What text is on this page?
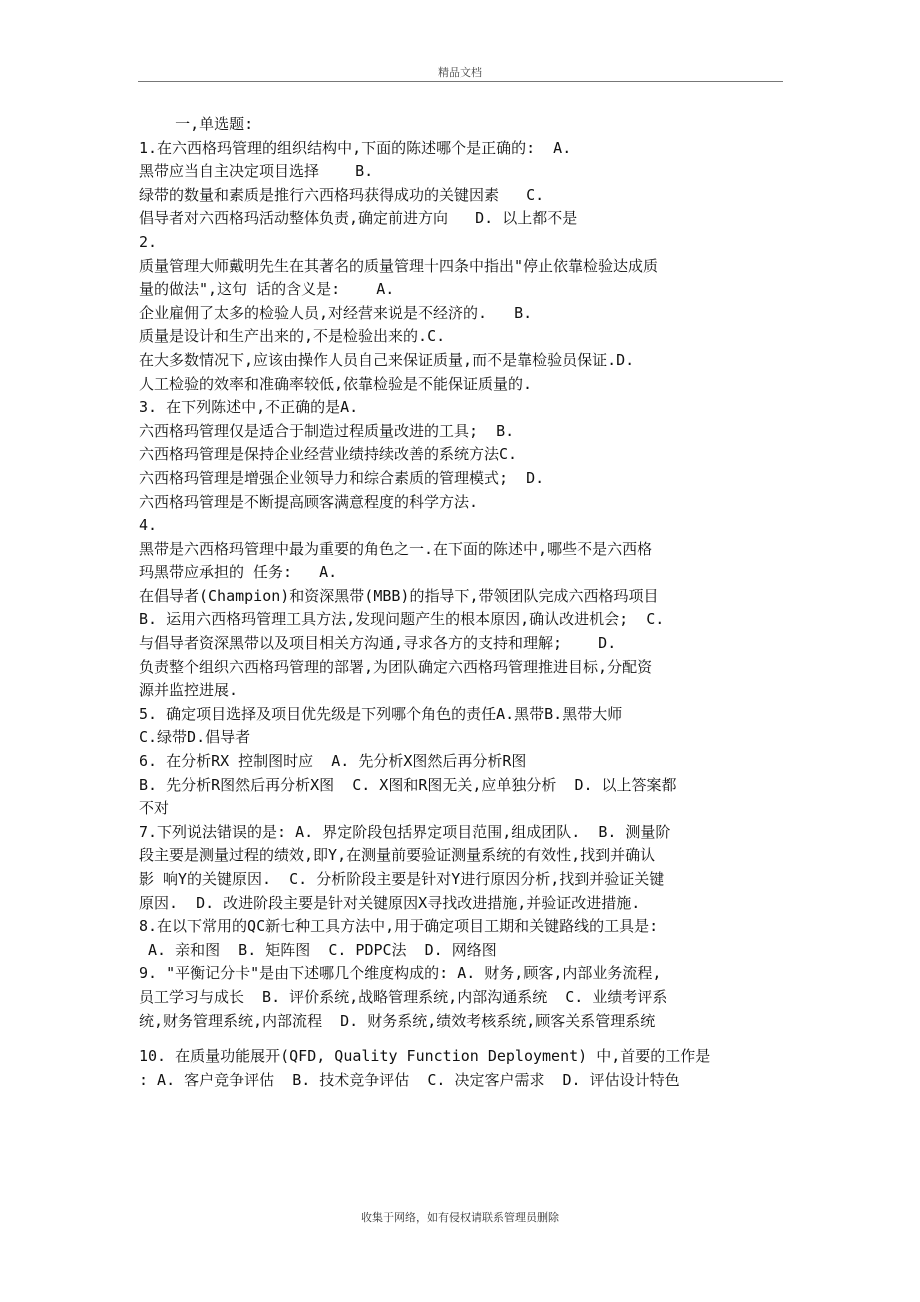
精品文档
一,单选题:
1.在六西格玛管理的组织结构中,下面的陈述哪个是正确的:  A.
黑带应当自主决定项目选择    B.
绿带的数量和素质是推行六西格玛获得成功的关键因素   C.
倡导者对六西格玛活动整体负责,确定前进方向   D. 以上都不是
2.
质量管理大师戴明先生在其著名的质量管理十四条中指出"停止依靠检验达成质
量的做法",这句 话的含义是:    A.
企业雇佣了太多的检验人员,对经营来说是不经济的.   B.
质量是设计和生产出来的,不是检验出来的.C.
在大多数情况下,应该由操作人员自己来保证质量,而不是靠检验员保证.D.
人工检验的效率和准确率较低,依靠检验是不能保证质量的.
3. 在下列陈述中,不正确的是A.
六西格玛管理仅是适合于制造过程质量改进的工具;  B.
六西格玛管理是保持企业经营业绩持续改善的系统方法C.
六西格玛管理是增强企业领导力和综合素质的管理模式;  D.
六西格玛管理是不断提高顾客满意程度的科学方法.
4.
黑带是六西格玛管理中最为重要的角色之一.在下面的陈述中,哪些不是六西格
玛黑带应承担的 任务:   A.
在倡导者(Champion)和资深黑带(MBB)的指导下,带领团队完成六西格玛项目
B. 运用六西格玛管理工具方法,发现问题产生的根本原因,确认改进机会;  C.
与倡导者资深黑带以及项目相关方沟通,寻求各方的支持和理解;    D.
负责整个组织六西格玛管理的部署,为团队确定六西格玛管理推进目标,分配资
源并监控进展.
5. 确定项目选择及项目优先级是下列哪个角色的责任A.黑带B.黑带大师
C.绿带D.倡导者
6. 在分析RX 控制图时应  A. 先分析X图然后再分析R图
B. 先分析R图然后再分析X图  C. X图和R图无关,应单独分析  D. 以上答案都
不对
7.下列说法错误的是: A. 界定阶段包括界定项目范围,组成团队.  B. 测量阶
段主要是测量过程的绩效,即Y,在测量前要验证测量系统的有效性,找到并确认
影 响Y的关键原因.  C. 分析阶段主要是针对Y进行原因分析,找到并验证关键
原因.  D. 改进阶段主要是针对关键原因X寻找改进措施,并验证改进措施.
8.在以下常用的QC新七种工具方法中,用于确定项目工期和关键路线的工具是:
A. 亲和图  B. 矩阵图  C. PDPC法  D. 网络图
9. "平衡记分卡"是由下述哪几个维度构成的: A. 财务,顾客,内部业务流程,
员工学习与成长  B. 评价系统,战略管理系统,内部沟通系统  C. 业绩考评系
统,财务管理系统,内部流程  D. 财务系统,绩效考核系统,顾客关系管理系统
10. 在质量功能展开(QFD, Quality Function Deployment) 中,首要的工作是
: A. 客户竞争评估  B. 技术竞争评估  C. 决定客户需求  D. 评估设计特色
收集于网络，如有侵权请联系管理员删除
